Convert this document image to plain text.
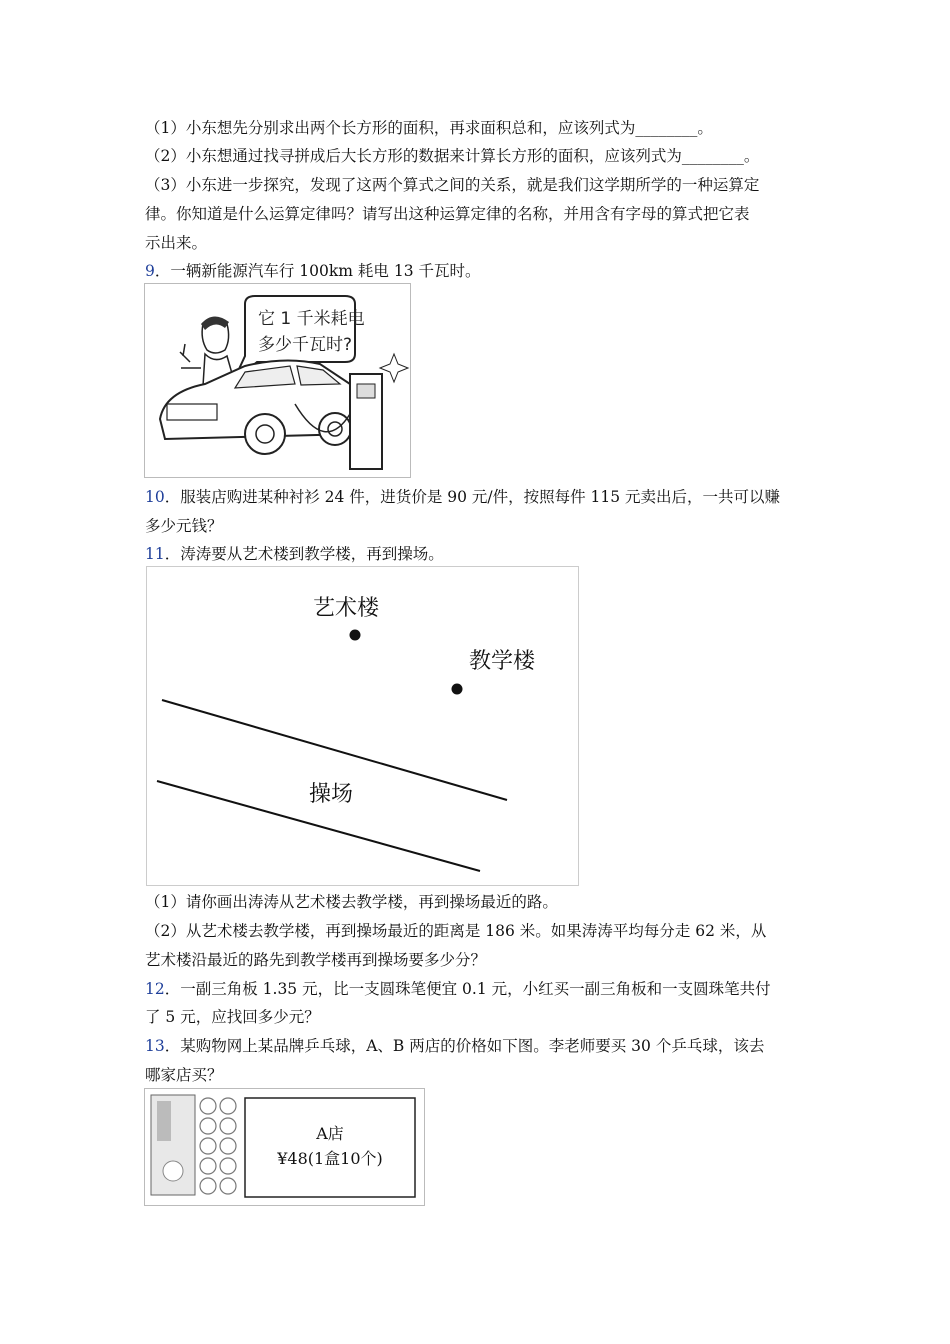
（1）小东想先分别求出两个长方形的面积，再求面积总和，应该列式为________。
（2）小东想通过找寻拼成后大长方形的数据来计算长方形的面积，应该列式为________。
（3）小东进一步探究，发现了这两个算式之间的关系，就是我们这学期所学的一种运算定
律。你知道是什么运算定律吗？请写出这种运算定律的名称，并用含有字母的算式把它表
示出来。
9．一辆新能源汽车行 100km 耗电 13 千瓦时。
它 1 千米耗电
多少千瓦时?
10．服装店购进某种衬衫 24 件，进货价是 90 元/件，按照每件 115 元卖出后，一共可以赚
多少元钱？
11．涛涛要从艺术楼到教学楼，再到操场。
艺术楼
教学楼
操场
（1）请你画出涛涛从艺术楼去教学楼，再到操场最近的路。
（2）从艺术楼去教学楼，再到操场最近的距离是 186 米。如果涛涛平均每分走 62 米，从
艺术楼沿最近的路先到教学楼再到操场要多少分？
12．一副三角板 1.35 元，比一支圆珠笔便宜 0.1 元，小红买一副三角板和一支圆珠笔共付
了 5 元，应找回多少元？
13．某购物网上某品牌乒乓球，A、B 两店的价格如下图。李老师要买 30 个乒乓球，该去
哪家店买？
A店
¥48(1盒10个)
